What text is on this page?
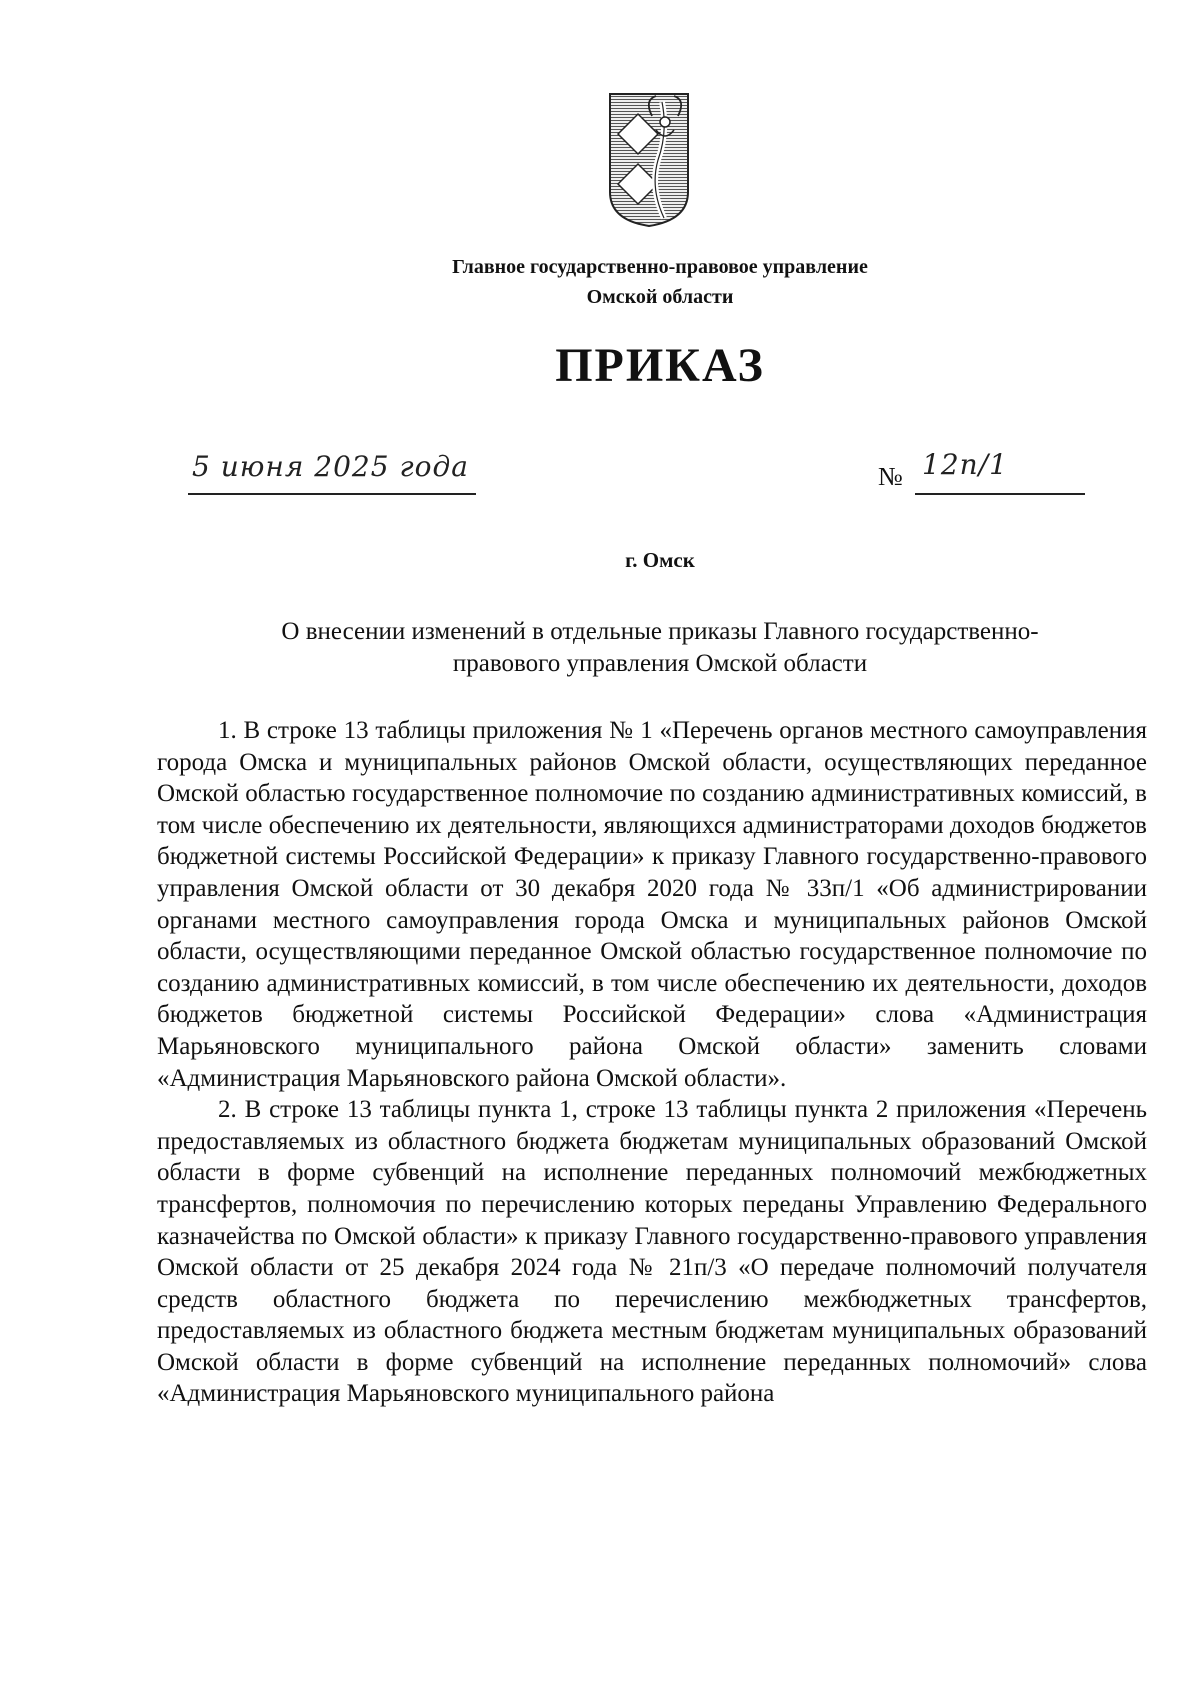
Главное государственно-правовое управление
Омской области
ПРИКАЗ
5 июня 2025 года	№ 12п/1
г. Омск
О внесении изменений в отдельные приказы Главного государственно-
правового управления Омской области

1. В строке 13 таблицы приложения № 1 «Перечень органов местного самоуправления города Омска и муниципальных районов Омской области, осуществляющих переданное Омской областью государственное полномочие по созданию административных комиссий, в том числе обеспечению их деятельности, являющихся администраторами доходов бюджетов бюджетной системы Российской Федерации» к приказу Главного государственно-правового управления Омской области от 30 декабря 2020 года № 33п/1 «Об администрировании органами местного самоуправления города Омска и муниципальных районов Омской области, осуществляющими переданное Омской областью государственное полномочие по созданию административных комиссий, в том числе обеспечению их деятельности, доходов бюджетов бюджетной системы Российской Федерации» слова «Администрация Марьяновского муниципального района Омской области» заменить словами «Администрация Марьяновского района Омской области».

2. В строке 13 таблицы пункта 1, строке 13 таблицы пункта 2 приложения «Перечень предоставляемых из областного бюджета бюджетам муниципальных образований Омской области в форме субвенций на исполнение переданных полномочий межбюджетных трансфертов, полномочия по перечислению которых переданы Управлению Федерального казначейства по Омской области» к приказу Главного государственно-правового управления Омской области от 25 декабря 2024 года № 21п/3 «О передаче полномочий получателя средств областного бюджета по перечислению межбюджетных трансфертов, предоставляемых из областного бюджета местным бюджетам муниципальных образований Омской области в форме субвенций на исполнение переданных полномочий» слова «Администрация Марьяновского муниципального района
